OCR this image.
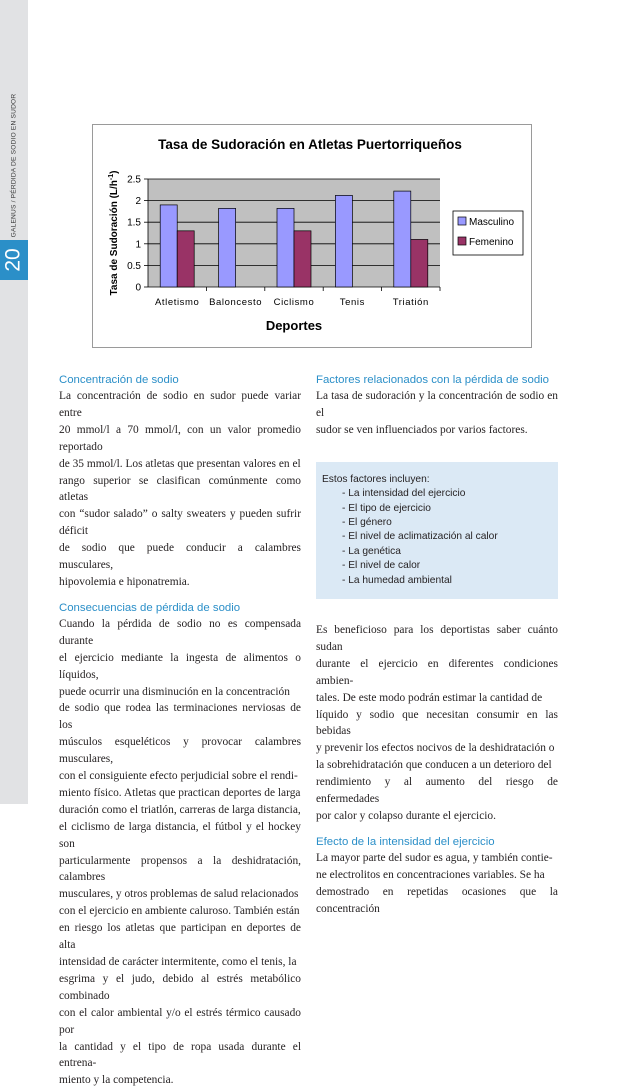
20
GALENUS / PÉRDIDA DE SODIO EN SUDOR	Tasa de Sudoración en Atletas Puertorriqueños
0
0.5
1
1.5
2
2.5
Atletismo Baloncesto Ciclismo	Tenis	Triatión
Tasa de Sudoración $(L/h^{-1})$
Deportes
Masculino
Femenino
Concentración de sodio
La concentración de sodio en sudor puede variar entre
20 mmol/l a 70 mmol/l, con un valor promedio reportado
de 35 mmol/l. Los atletas que presentan valores en el
rango superior se clasifican comúnmente como atletas
con “sudor salado” o salty sweaters y pueden sufrir déficit
de sodio que puede conducir a calambres musculares,
hipovolemia e hiponatremia.
Consecuencias de pérdida de sodio
Cuando la pérdida de sodio no es compensada durante
el ejercicio mediante la ingesta de alimentos o líquidos,
puede ocurrir una disminución en la concentración
de sodio que rodea las terminaciones nerviosas de los
músculos esqueléticos y provocar calambres musculares,
con el consiguiente efecto perjudicial sobre el rendi-
miento físico. Atletas que practican deportes de larga
duración como el triatlón, carreras de larga distancia,
el ciclismo de larga distancia, el fútbol y el hockey son
particularmente propensos a la deshidratación, calambres
musculares, y otros problemas de salud relacionados
con el ejercicio en ambiente caluroso. También están
en riesgo los atletas que participan en deportes de alta
intensidad de carácter intermitente, como el tenis, la
esgrima y el judo, debido al estrés metabólico combinado
con el calor ambiental y/o el estrés térmico causado por
la cantidad y el tipo de ropa usada durante el entrena-
miento y la competencia.
Factores relacionados con la pérdida de sodio
La tasa de sudoración y la concentración de sodio en el
sudor se ven influenciados por varios factores.
Estos factores incluyen:
- La intensidad del ejercicio
- El tipo de ejercicio
- El género
- El nivel de aclimatización al calor
- La genética
- El nivel de calor
- La humedad ambiental
Es beneficioso para los deportistas saber cuánto sudan
durante el ejercicio en diferentes condiciones ambien-
tales. De este modo podrán estimar la cantidad de
líquido y sodio que necesitan consumir en las bebidas
y prevenir los efectos nocivos de la deshidratación o
la sobrehidratación que conducen a un deterioro del
rendimiento y al aumento del riesgo de enfermedades
por calor y colapso durante el ejercicio.
Efecto de la intensidad del ejercicio
La mayor parte del sudor es agua, y también contie-
ne electrolitos en concentraciones variables. Se ha
demostrado en repetidas ocasiones que la concentración
